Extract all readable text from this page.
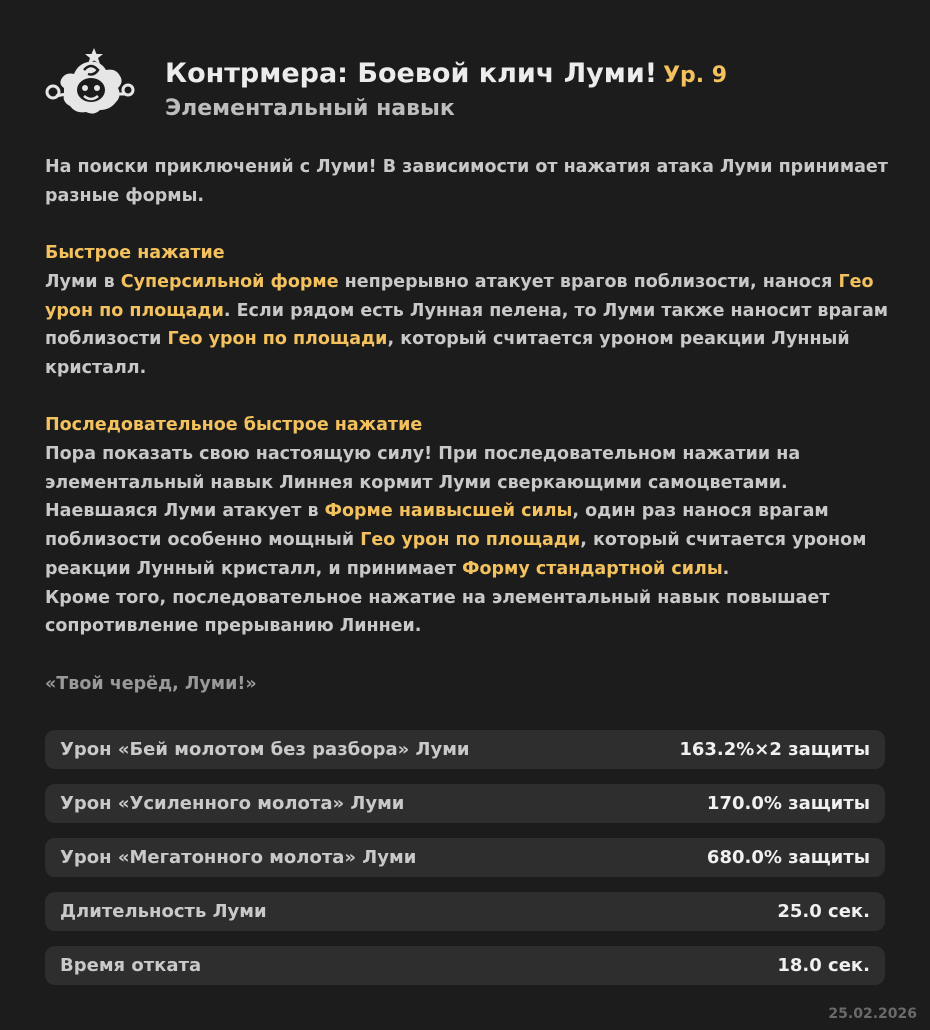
Контрмера: Боевой клич Луми! Ур. 9
Элементальный навык

На поиски приключений с Луми! В зависимости от нажатия атака Луми принимает разные формы.

Быстрое нажатие

Луми в Суперсильной форме непрерывно атакует врагов поблизости, нанося Гео урон по площади. Если рядом есть Лунная пелена, то Луми также наносит врагам поблизости Гео урон по площади, который считается уроном реакции Лунный кристалл.

Последовательное быстрое нажатие

Пора показать свою настоящую силу! При последовательном нажатии на элементальный навык Линнея кормит Луми сверкающими самоцветами. Наевшаяся Луми атакует в Форме наивысшей силы, один раз нанося врагам поблизости особенно мощный Гео урон по площади, который считается уроном реакции Лунный кристалл, и принимает Форму стандартной силы.

Кроме того, последовательное нажатие на элементальный навык повышает сопротивление прерыванию Линнеи.

«Твой черёд, Луми!»

Урон «Бей молотом без разбора» Луми	163.2%×2 защиты
Урон «Усиленного молота» Луми	170.0% защиты
Урон «Мегатонного молота» Луми	680.0% защиты
Длительность Луми	25.0 сек.
Время отката	18.0 сек.
25.02.2026
